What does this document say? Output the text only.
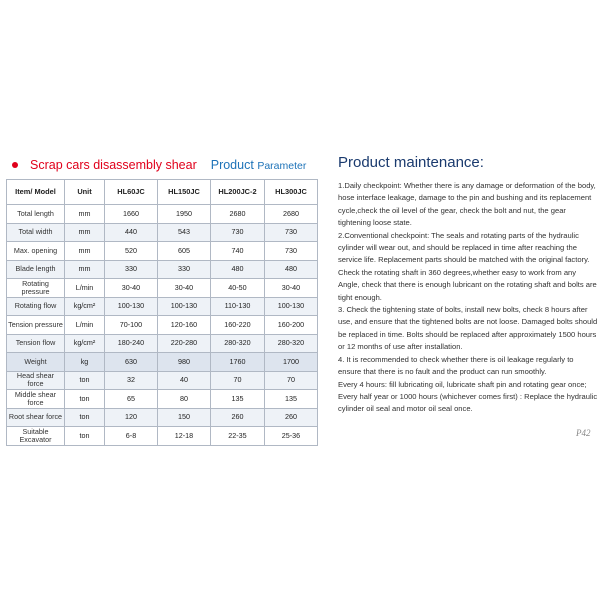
Scrap cars disassembly shear Product Parameter
Item/ Model	Unit	HL60JC	HL150JC	HL200JC-2	HL300JC
Total length	mm	1660	1950	2680	2680
Total width	mm	440	543	730	730
Max. opening	mm	520	605	740	730
Blade length	mm	330	330	480	480
Rotating pressure	L/min	30-40	30-40	40-50	30-40
Rotating flow	kg/cm²	100-130	100-130	110-130	100-130
Tension pressure	L/min	70-100	120-160	160-220	160-200
Tension flow	kg/cm²	180-240	220-280	280-320	280-320
Weight	kg	630	980	1760	1700
Head shear force	ton	32	40	70	70
Middle shear force	ton	65	80	135	135
Root shear force	ton	120	150	260	260
Suitable Excavator	ton	6-8	12-18	22-35	25-36
Product maintenance:

1.Daily checkpoint: Whether there is any damage or deformation of the body, hose interface leakage, damage to the pin and bushing and its replacement cycle,check the oil level of the gear, check the bolt and nut, the gear tightening loose state.

2.Conventional checkpoint: The seals and rotating parts of the hydraulic cylinder will wear out, and should be replaced in time after reaching the service life. Replacement parts should be matched with the original factory. Check the rotating shaft in 360 degrees,whether easy to work from any Angle, check that there is enough lubricant on the rotating shaft and bolts are tight enough.

3. Check the tightening state of bolts, install new bolts, check 8 hours after use, and ensure that the tightened bolts are not loose. Damaged bolts should be replaced in time. Bolts should be replaced after approximately 1500 hours or 12 months of use after installation.

4. It is recommended to check whether there is oil leakage regularly to ensure that there is no fault and the product can run smoothly.

Every 4 hours: fill lubricating oil, lubricate shaft pin and rotating gear once;

Every half year or 1000 hours (whichever comes first) : Replace the hydraulic cylinder oil seal and motor oil seal once.

P42
